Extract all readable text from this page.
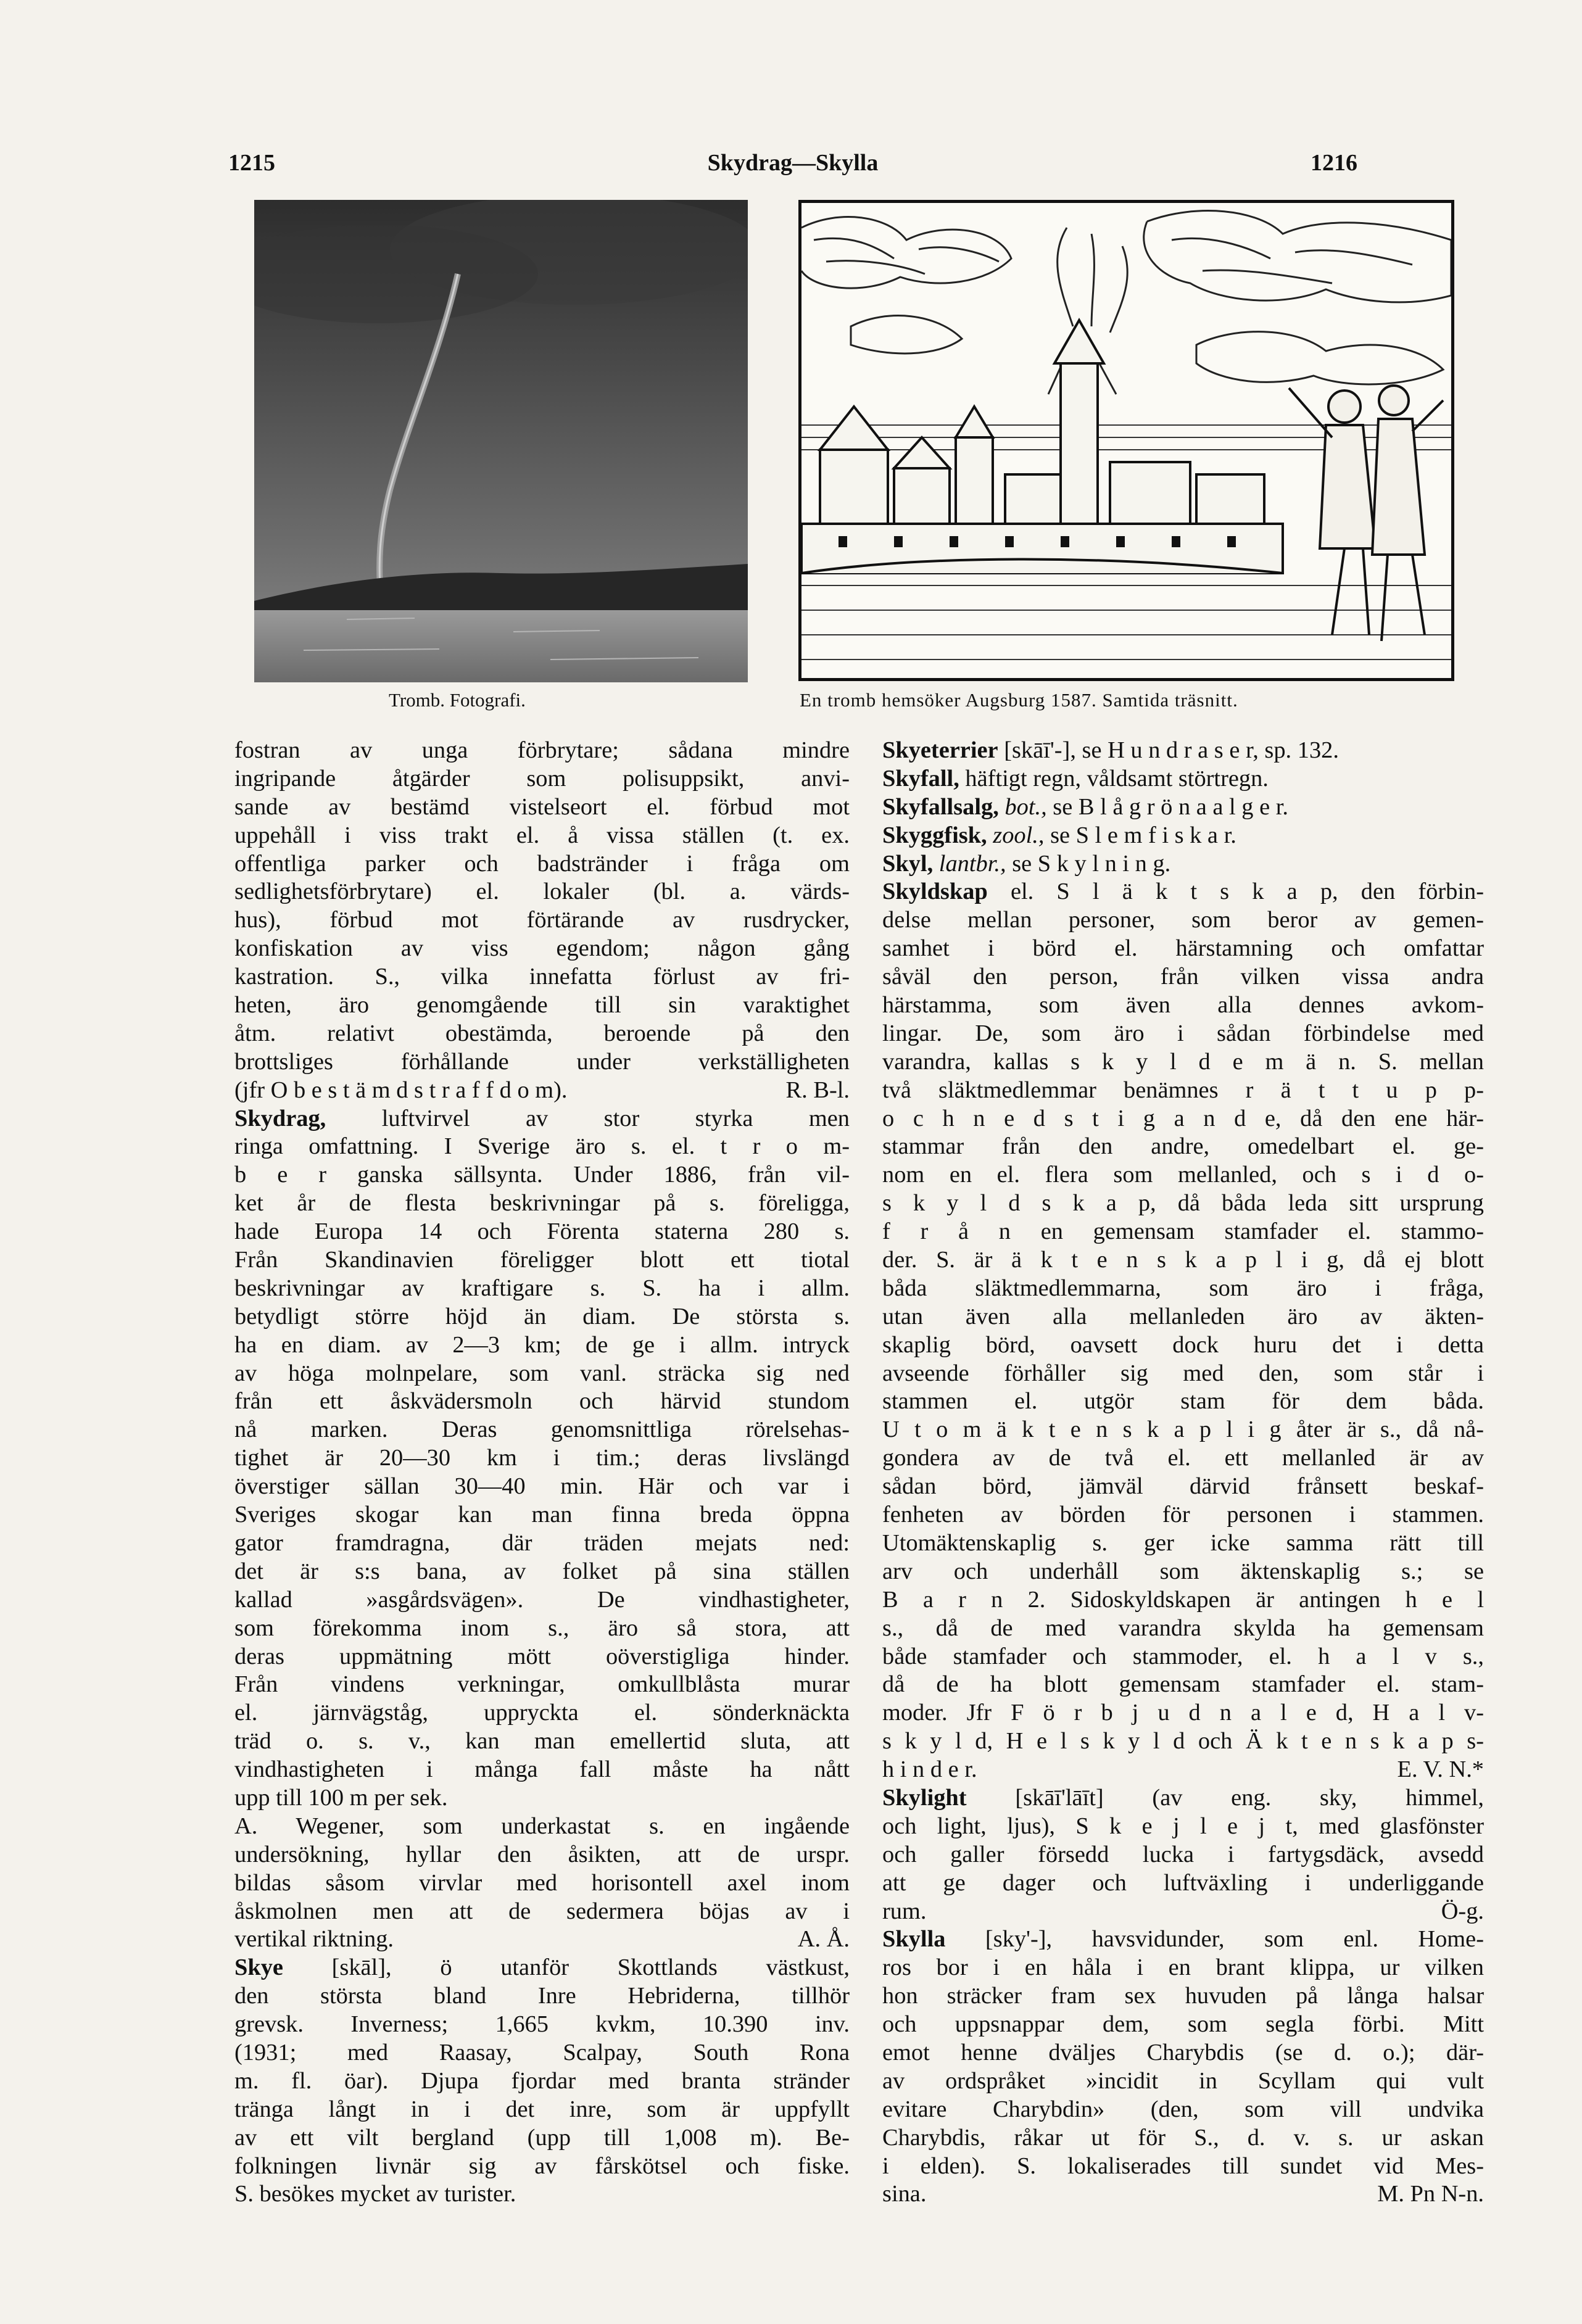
1215	Skydrag—Skylla	1216
Tromb. Fotografi.	En tromb hemsöker Augsburg 1587. Samtida träsnitt.
fostran av unga förbrytare; sådana mindre
ingripande åtgärder som polisuppsikt, anvi-
sande av bestämd vistelseort el. förbud mot
uppehåll i viss trakt el. å vissa ställen (t. ex.
offentliga parker och badstränder i fråga om
sedlighetsförbrytare) el. lokaler (bl. a. värds-
hus), förbud mot förtärande av rusdrycker,
konfiskation av viss egendom; någon gång
kastration. S., vilka innefatta förlust av fri-
heten, äro genomgående till sin varaktighet
åtm. relativt obestämda, beroende på den
brottsliges förhållande under verkställigheten
(jfr O b e s t ä m d s t r a f f d o m).	R. B-l.
Skydrag, luftvirvel av stor styrka men
ringa omfattning. I Sverige äro s. el. t r o m-
b e r ganska sällsynta. Under 1886, från vil-
ket år de flesta beskrivningar på s. föreligga,
hade Europa 14 och Förenta staterna 280 s.
Från Skandinavien föreligger blott ett tiotal
beskrivningar av kraftigare s. S. ha i allm.
betydligt större höjd än diam. De största s.
ha en diam. av 2—3 km; de ge i allm. intryck
av höga molnpelare, som vanl. sträcka sig ned
från ett åskvädersmoln och härvid stundom
nå marken. Deras genomsnittliga rörelsehas-
tighet är 20—30 km i tim.; deras livslängd
överstiger sällan 30—40 min. Här och var i
Sveriges skogar kan man finna breda öppna
gator framdragna, där träden mejats ned:
det är s:s bana, av folket på sina ställen
kallad »asgårdsvägen». De vindhastigheter,
som förekomma inom s., äro så stora, att
deras uppmätning mött oöverstigliga hinder.
Från vindens verkningar, omkullblåsta murar
el. järnvägståg, uppryckta el. sönderknäckta
träd o. s. v., kan man emellertid sluta, att
vindhastigheten i många fall måste ha nått
upp till 100 m per sek.
A. Wegener, som underkastat s. en ingående
undersökning, hyllar den åsikten, att de urspr.
bildas såsom virvlar med horisontell axel inom
åskmolnen men att de sedermera böjas av i
vertikal riktning.	A. Å.
Skye [skāl], ö utanför Skottlands västkust,
den största bland Inre Hebriderna, tillhör
grevsk. Inverness; 1,665 kvkm, 10.390 inv.
(1931; med Raasay, Scalpay, South Rona
m. fl. öar). Djupa fjordar med branta stränder
tränga långt in i det inre, som är uppfyllt
av ett vilt bergland (upp till 1,008 m). Be-
folkningen livnär sig av fårskötsel och fiske.
S. besökes mycket av turister.
Skyeterrier [skāī'-], se H u n d r a s e r, sp. 132.
Skyfall, häftigt regn, våldsamt störtregn.
Skyfallsalg, bot., se B l å g r ö n a a l g e r.
Skyggfisk, zool., se S l e m f i s k a r.
Skyl, lantbr., se S k y l n i n g.
Skyldskap el. S l ä k t s k a p, den förbin-
delse mellan personer, som beror av gemen-
samhet i börd el. härstamning och omfattar
såväl den person, från vilken vissa andra
härstamma, som även alla dennes avkom-
lingar. De, som äro i sådan förbindelse med
varandra, kallas s k y l d e m ä n. S. mellan
två släktmedlemmar benämnes r ä t t u p p-
o c h n e d s t i g a n d e, då den ene här-
stammar från den andre, omedelbart el. ge-
nom en el. flera som mellanled, och s i d o-
s k y l d s k a p, då båda leda sitt ursprung
f r å n en gemensam stamfader el. stammo-
der. S. är ä k t e n s k a p l i g, då ej blott
båda släktmedlemmarna, som äro i fråga,
utan även alla mellanleden äro av äkten-
skaplig börd, oavsett dock huru det i detta
avseende förhåller sig med den, som står i
stammen el. utgör stam för dem båda.
U t o m ä k t e n s k a p l i g åter är s., då nå-
gondera av de två el. ett mellanled är av
sådan börd, jämväl därvid frånsett beskaf-
fenheten av börden för personen i stammen.
Utomäktenskaplig s. ger icke samma rätt till
arv och underhåll som äktenskaplig s.; se
B a r n 2. Sidoskyldskapen är antingen h e l
s., då de med varandra skylda ha gemensam
både stamfader och stammoder, el. h a l v s.,
då de ha blott gemensam stamfader el. stam-
moder. Jfr F ö r b j u d n a l e d, H a l v-
s k y l d, H e l s k y l d och Ä k t e n s k a p s-
h i n d e r.	E. V. N.*
Skylight [skāī'lāīt] (av eng. sky, himmel,
och light, ljus), S k e j l e j t, med glasfönster
och galler försedd lucka i fartygsdäck, avsedd
att ge dager och luftväxling i underliggande
rum.	Ö-g.
Skylla [sky'-], havsvidunder, som enl. Home-
ros bor i en håla i en brant klippa, ur vilken
hon sträcker fram sex huvuden på långa halsar
och uppsnappar dem, som segla förbi. Mitt
emot henne dväljes Charybdis (se d. o.); där-
av ordspråket »incidit in Scyllam qui vult
evitare Charybdin» (den, som vill undvika
Charybdis, råkar ut för S., d. v. s. ur askan
i elden). S. lokaliserades till sundet vid Mes-
sina.	M. Pn N-n.
